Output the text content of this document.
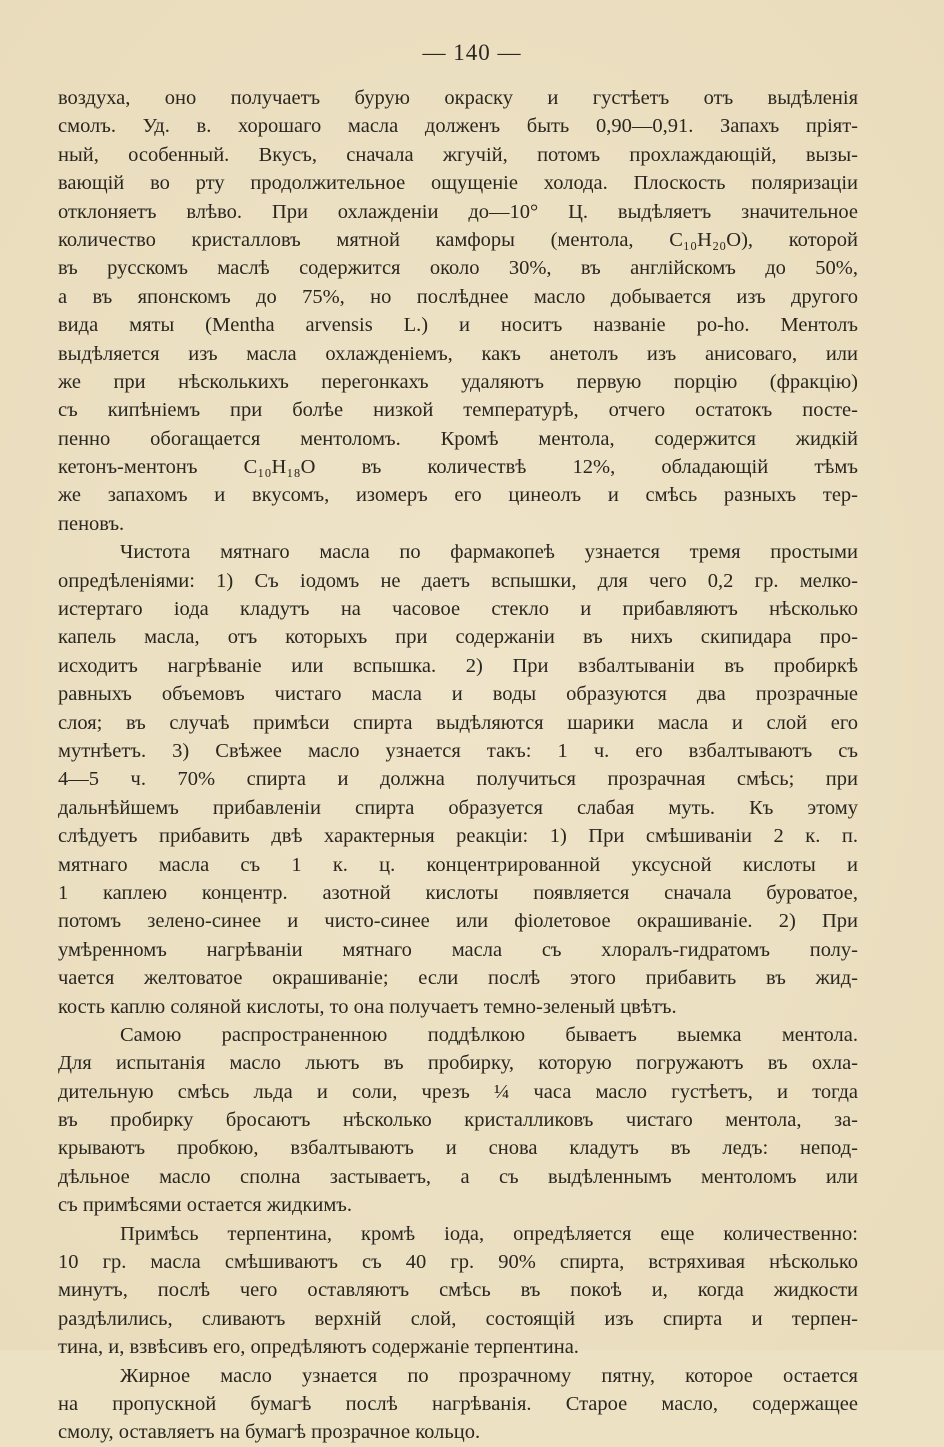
— 140 —
воздуха, оно получаетъ бурую окраску и густѣетъ отъ выдѣленія
смолъ. Уд. в. хорошаго масла долженъ быть 0,90—0,91. Запахъ пріят-
ный, особенный. Вкусъ, сначала жгучій, потомъ прохлаждающій, вызы-
вающій во рту продолжительное ощущеніе холода. Плоскость поляризаціи
отклоняетъ влѣво. При охлажденіи до—10° Ц. выдѣляетъ значительное
количество кристалловъ мятной камфоры (ментола, C₁₀H₂₀O), которой
въ русскомъ маслѣ содержится около 30%, въ англійскомъ до 50%,
а въ японскомъ до 75%, но послѣднее масло добывается изъ другого
вида мяты (Mentha arvensis L.) и носитъ названіе po-ho. Ментолъ
выдѣляется изъ масла охлажденіемъ, какъ анетолъ изъ анисоваго, или
же при нѣсколькихъ перегонкахъ удаляютъ первую порцію (фракцію)
съ кипѣніемъ при болѣе низкой температурѣ, отчего остатокъ посте-
пенно обогащается ментоломъ. Кромѣ ментола, содержится жидкій
кетонъ-ментонъ C₁₀H₁₈O въ количествѣ 12%, обладающій тѣмъ
же запахомъ и вкусомъ, изомеръ его цинеолъ и смѣсь разныхъ тер-
пеновъ.
Чистота мятнаго масла по фармакопеѣ узнается тремя простыми
опредѣленіями: 1) Съ іодомъ не даетъ вспышки, для чего 0,2 гр. мелко-
истертаго іода кладутъ на часовое стекло и прибавляютъ нѣсколько
капель масла, отъ которыхъ при содержаніи въ нихъ скипидара про-
исходитъ нагрѣваніе или вспышка. 2) При взбалтываніи въ пробиркѣ
равныхъ объемовъ чистаго масла и воды образуются два прозрачные
слоя; въ случаѣ примѣси спирта выдѣляются шарики масла и слой его
мутнѣетъ. 3) Свѣжее масло узнается такъ: 1 ч. его взбалтываютъ съ
4—5 ч. 70% спирта и должна получиться прозрачная смѣсь; при
дальнѣйшемъ прибавленіи спирта образуется слабая муть. Къ этому
слѣдуетъ прибавить двѣ характерныя реакціи: 1) При смѣшиваніи 2 к. п.
мятнаго масла съ 1 к. ц. концентрированной уксусной кислоты и
1 каплею концентр. азотной кислоты появляется сначала буроватое,
потомъ зелено-синее и чисто-синее или фіолетовое окрашиваніе. 2) При
умѣренномъ нагрѣваніи мятнаго масла съ хлоралъ-гидратомъ полу-
чается желтоватое окрашиваніе; если послѣ этого прибавить въ жид-
кость каплю соляной кислоты, то она получаетъ темно-зеленый цвѣтъ.
Самою распространенною поддѣлкою бываетъ выемка ментола.
Для испытанія масло льютъ въ пробирку, которую погружаютъ въ охла-
дительную смѣсь льда и соли, чрезъ ¼ часа масло густѣетъ, и тогда
въ пробирку бросаютъ нѣсколько кристалликовъ чистаго ментола, за-
крываютъ пробкою, взбалтываютъ и снова кладутъ въ ледъ: непод-
дѣльное масло сполна застываетъ, а съ выдѣленнымъ ментоломъ или
съ примѣсями остается жидкимъ.
Примѣсь терпентина, кромѣ іода, опредѣляется еще количественно:
10 гр. масла смѣшиваютъ съ 40 гр. 90% спирта, встряхивая нѣсколько
минутъ, послѣ чего оставляютъ смѣсь въ покоѣ и, когда жидкости
раздѣлились, сливаютъ верхній слой, состоящій изъ спирта и терпен-
тина, и, взвѣсивъ его, опредѣляютъ содержаніе терпентина.
Жирное масло узнается по прозрачному пятну, которое остается
на пропускной бумагѣ послѣ нагрѣванія. Старое масло, содержащее
смолу, оставляетъ на бумагѣ прозрачное кольцо.
